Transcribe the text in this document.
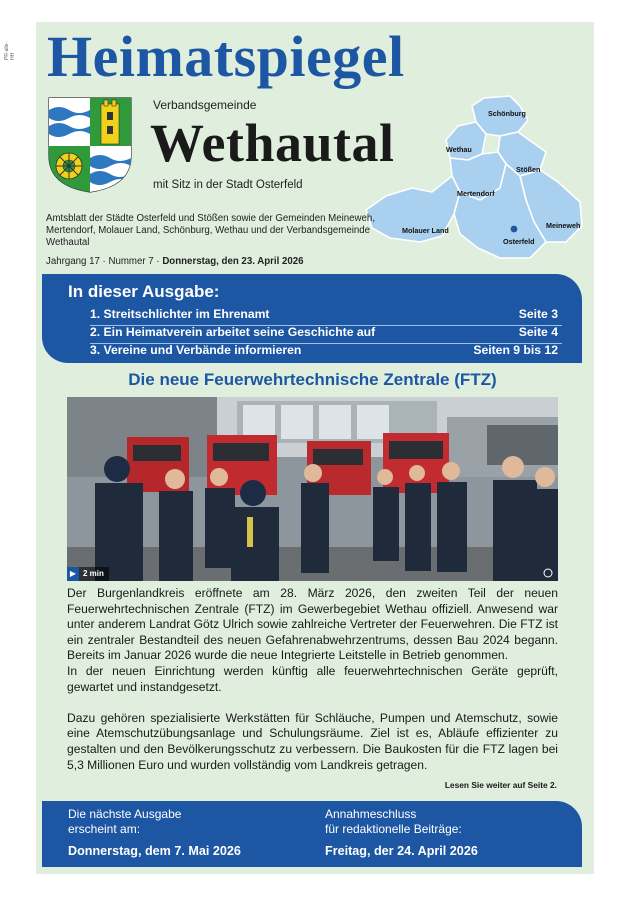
PR-alle-HH Heimatspiegel
Verbandsgemeinde
Wethautal
mit Sitz in der Stadt Osterfeld
Schönburg
Wethau
Stößen
Mertendorf
Meineweh
Molauer Land
Osterfeld
Amtsblatt der Städte Osterfeld und Stößen sowie der Gemeinden Meineweh, Mertendorf, Molauer Land, Schönburg, Wethau und der Verbandsgemeinde Wethautal
Jahrgang 17 · Nummer 7 · Donnerstag, den 23. April 2026
In dieser Ausgabe:
1. Streitschlichter im Ehrenamt	Seite 3
2. Ein Heimatverein arbeitet seine Geschichte auf	Seite 4
3. Vereine und Verbände informieren	Seiten 9 bis 12
Die neue Feuerwehrtechnische Zentrale (FTZ)
▶ 2 min

Der Burgenlandkreis eröffnete am 28. März 2026, den zweiten Teil der neuen Feuerwehrtechnischen Zentrale (FTZ) im Gewerbegebiet Wethau offiziell. Anwesend war unter anderem Landrat Götz Ulrich sowie zahlreiche Vertreter der Feuerwehren. Die FTZ ist ein zentraler Bestandteil des neuen Gefahrenabwehrzentrums, dessen Bau 2024 begann. Bereits im Januar 2026 wurde die neue Integrierte Leitstelle in Betrieb genommen.

In der neuen Einrichtung werden künftig alle feuerwehrtechnischen Geräte geprüft, gewartet und instandgesetzt.

Dazu gehören spezialisierte Werkstätten für Schläuche, Pumpen und Atemschutz, sowie eine Atemschutzübungsanlage und Schulungsräume. Ziel ist es, Abläufe effizienter zu gestalten und den Bevölkerungsschutz zu verbessern. Die Baukosten für die FTZ lagen bei 5,3 Millionen Euro und wurden vollständig vom Landkreis getragen.

Lesen Sie weiter auf Seite 2.
Die nächste Ausgabe
erscheint am:
Donnerstag, dem 7. Mai 2026
Annahmeschluss
für redaktionelle Beiträge:
Freitag, der 24. April 2026
